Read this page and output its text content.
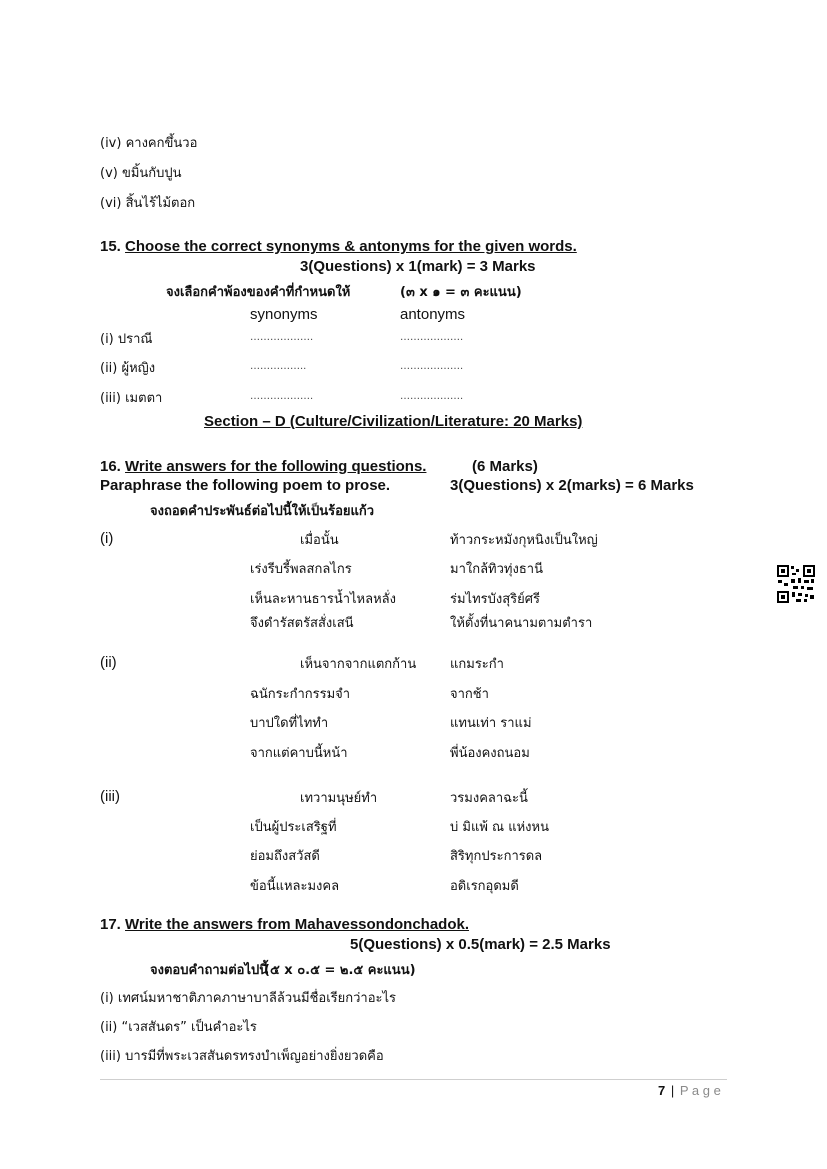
(iv) คางคกขึ้นวอ
(v) ขมิ้นกับปูน
(vi) สิ้นไร้ไม้ตอก
15. Choose the correct synonyms & antonyms for the given words.
3(Questions) x 1(mark) = 3 Marks
จงเลือกคำพ้องของคำที่กำหนดให้	(๓ x ๑ = ๓ คะแนน)
synonyms	antonyms
(i) ปราณี	……………….	……………….
(ii) ผู้หญิง	……………..	……………….
(iii) เมตตา	……………….	……………….
Section – D (Culture/Civilization/Literature: 20 Marks)
16. Write answers for the following questions.	(6 Marks)
Paraphrase the following poem to prose.	3(Questions) x 2(marks) = 6 Marks
จงถอดคำประพันธ์ต่อไปนี้ให้เป็นร้อยแก้ว
(i)	เมื่อนั้น	ท้าวกระหมังกุหนิงเป็นใหญ่
เร่งรีบรี้พลสกลไกร	มาใกล้ทิวทุ่งธานี
เห็นละหานธารน้ำไหลหลั่ง	ร่มไทรบังสุริย์ศรี
จึงดำรัสตรัสสั่งเสนี	ให้ตั้งที่นาคนามตามตำรา
(ii)	เห็นจากจากแตกก้าน	แกมระกำ
ฉนักระกำกรรมจำ	จากช้า
บาปใดที่ไททำ	แทนเท่า ราแม่
จากแต่คาบนี้หน้า	พี่น้องคงถนอม
(iii)	เทวามนุษย์ทำ	วรมงคลาฉะนี้
เป็นผู้ประเสริฐที่	บ่ มิแพ้ ณ แห่งหน
ย่อมถึงสวัสดี	สิริทุกประการดล
ข้อนี้แหละมงคล	อดิเรกอุดมดี
17. Write the answers from Mahavessondonchadok.
5(Questions) x 0.5(mark) = 2.5 Marks
จงตอบคำถามต่อไปนี้
(๕ x ๐.๕ = ๒.๕ คะแนน)
(i) เทศน์มหาชาติภาคภาษาบาลีล้วนมีชื่อเรียกว่าอะไร
(ii) “เวสสันดร” เป็นคำอะไร
(iii) บารมีที่พระเวสสันดรทรงบำเพ็ญอย่างยิ่งยวดคือ
7 | P a g e
